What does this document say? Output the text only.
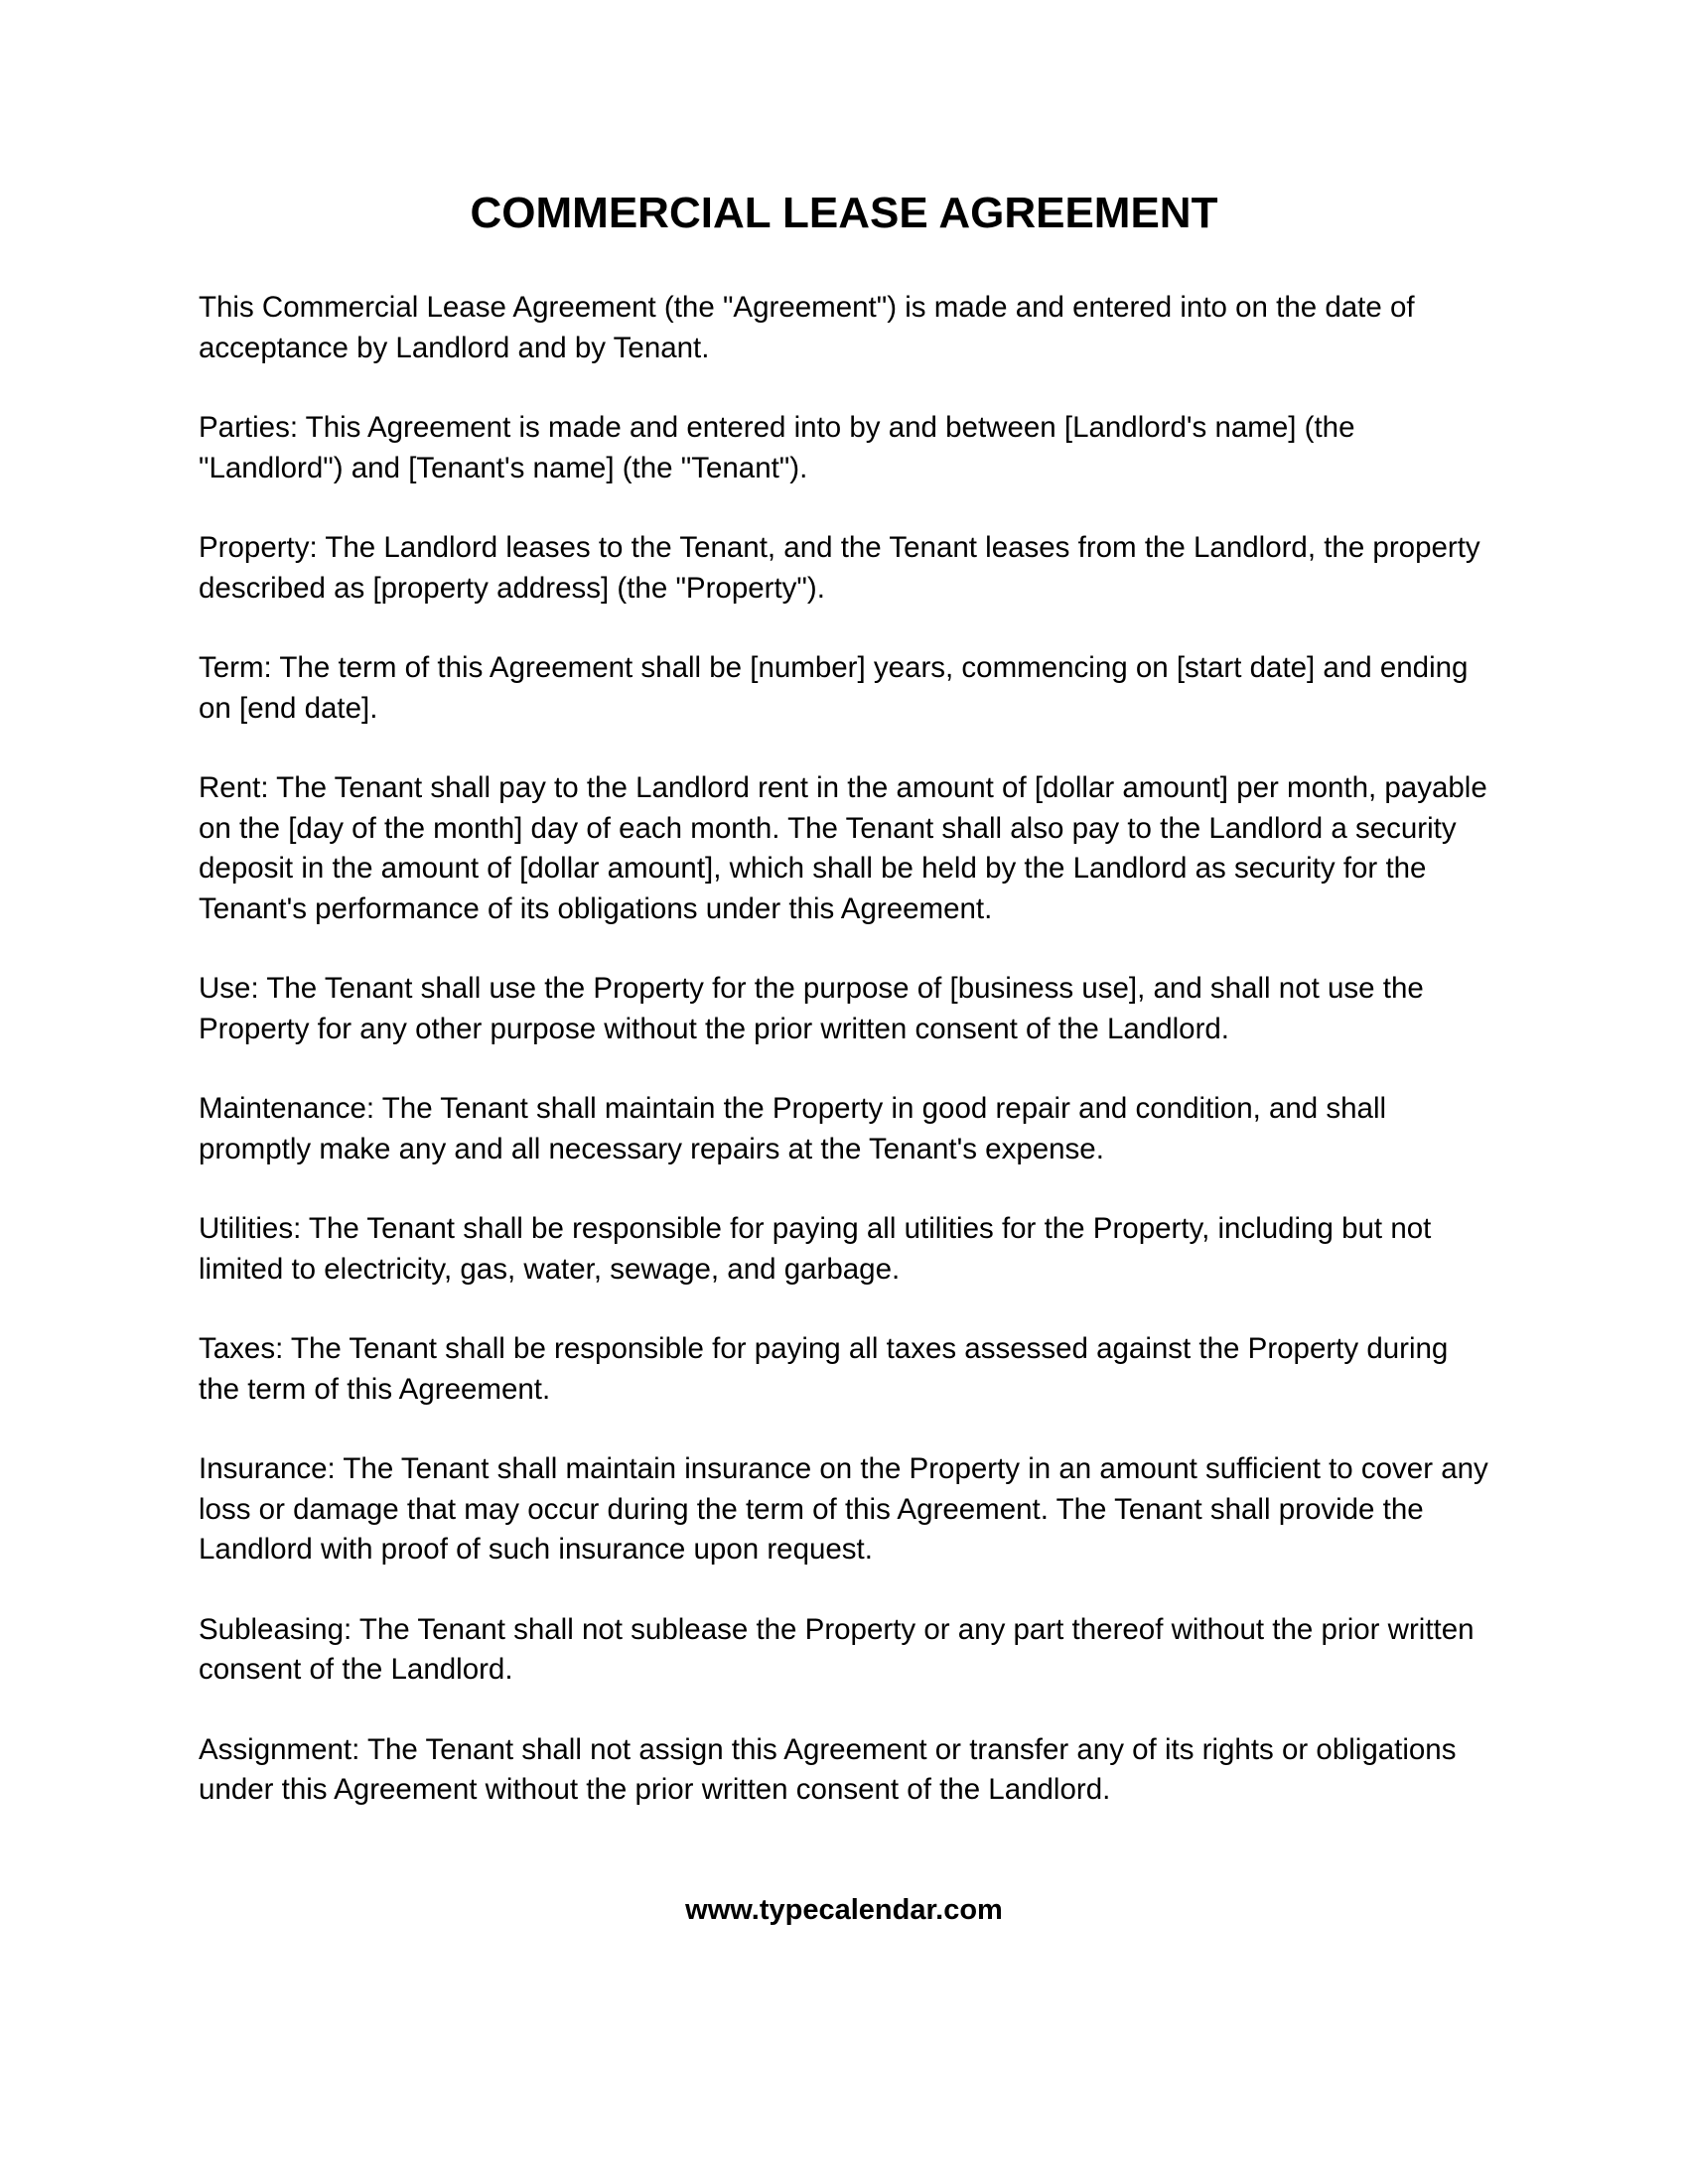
COMMERCIAL LEASE AGREEMENT

This Commercial Lease Agreement (the "Agreement") is made and entered into on the date of acceptance by Landlord and by Tenant.

Parties: This Agreement is made and entered into by and between [Landlord's name] (the "Landlord") and [Tenant's name] (the "Tenant").

Property: The Landlord leases to the Tenant, and the Tenant leases from the Landlord, the property described as [property address] (the "Property").

Term: The term of this Agreement shall be [number] years, commencing on [start date] and ending on [end date].

Rent: The Tenant shall pay to the Landlord rent in the amount of [dollar amount] per month, payable on the [day of the month] day of each month. The Tenant shall also pay to the Landlord a security deposit in the amount of [dollar amount], which shall be held by the Landlord as security for the Tenant's performance of its obligations under this Agreement.

Use: The Tenant shall use the Property for the purpose of [business use], and shall not use the Property for any other purpose without the prior written consent of the Landlord.

Maintenance: The Tenant shall maintain the Property in good repair and condition, and shall promptly make any and all necessary repairs at the Tenant's expense.

Utilities: The Tenant shall be responsible for paying all utilities for the Property, including but not limited to electricity, gas, water, sewage, and garbage.

Taxes: The Tenant shall be responsible for paying all taxes assessed against the Property during the term of this Agreement.

Insurance: The Tenant shall maintain insurance on the Property in an amount sufficient to cover any loss or damage that may occur during the term of this Agreement. The Tenant shall provide the Landlord with proof of such insurance upon request.

Subleasing: The Tenant shall not sublease the Property or any part thereof without the prior written consent of the Landlord.

Assignment: The Tenant shall not assign this Agreement or transfer any of its rights or obligations under this Agreement without the prior written consent of the Landlord.

www.typecalendar.com
